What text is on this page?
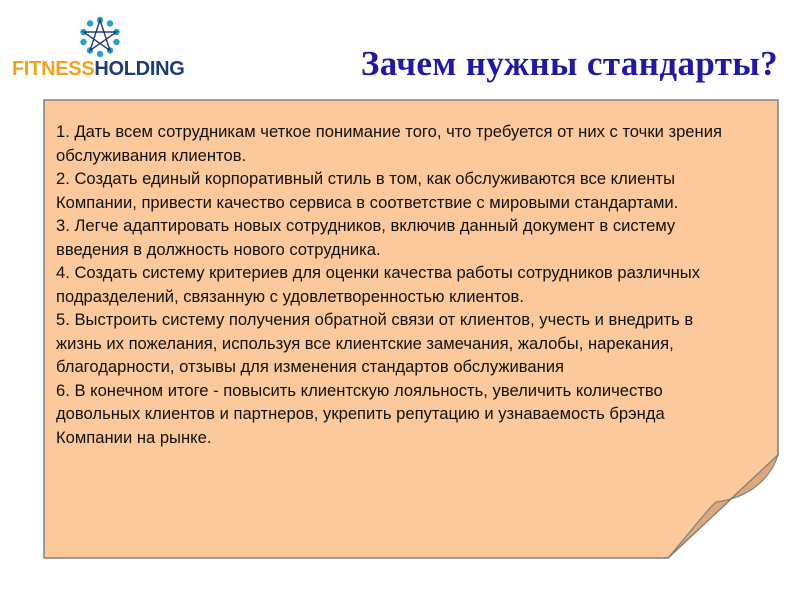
FITNESSHOLDING	Зачем нужны стандарты?
1. Дать всем сотрудникам четкое понимание того, что требуется от них с точки зрения обслуживания клиентов.
2. Создать единый корпоративный стиль в том, как обслуживаются все клиенты Компании, привести качество сервиса в соответствие с мировыми стандартами.
3. Легче адаптировать новых сотрудников, включив данный документ в систему введения в должность нового сотрудника.
4. Создать систему критериев для оценки качества работы сотрудников различных подразделений, связанную с удовлетворенностью клиентов.
5. Выстроить систему получения обратной связи от клиентов, учесть и внедрить в жизнь их пожелания, используя все клиентские замечания, жалобы, нарекания, благодарности, отзывы для изменения стандартов обслуживания
6. В конечном итоге - повысить клиентскую лояльность, увеличить количество довольных клиентов и партнеров, укрепить репутацию и узнаваемость брэнда Компании на рынке.
